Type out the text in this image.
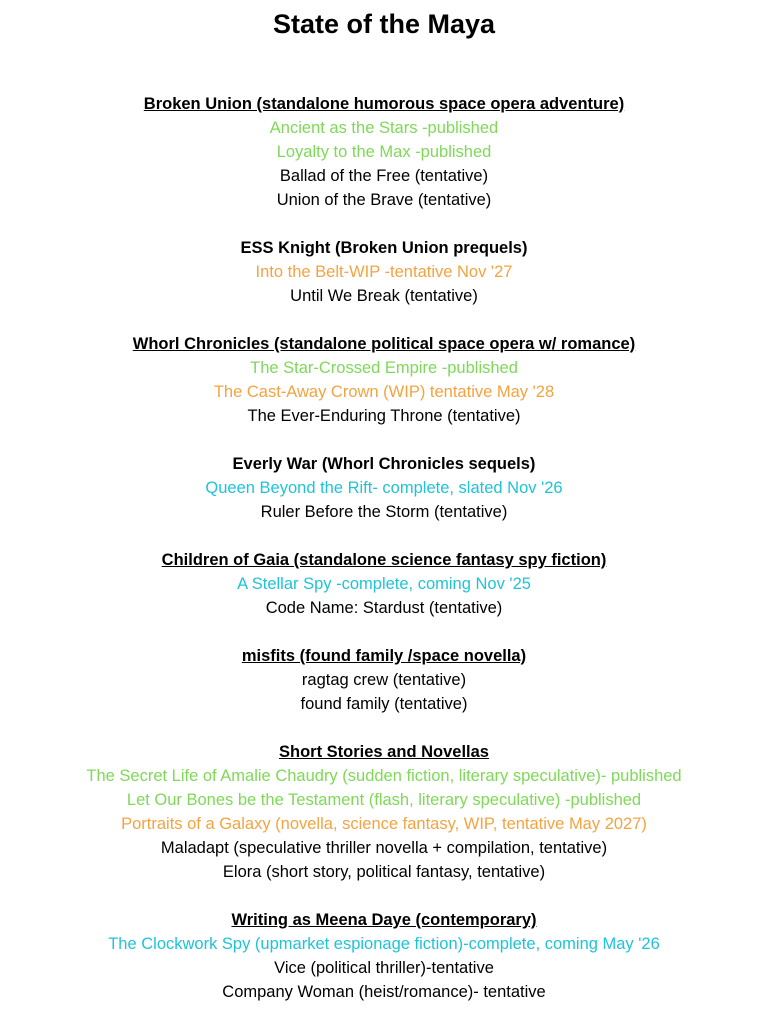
State of the Maya
Broken Union (standalone humorous space opera adventure)
Ancient as the Stars -published
Loyalty to the Max -published
Ballad of the Free (tentative)
Union of the Brave (tentative)
ESS Knight (Broken Union prequels)
Into the Belt-WIP -tentative Nov '27
Until We Break (tentative)
Whorl Chronicles (standalone political space opera w/ romance)
The Star-Crossed Empire -published
The Cast-Away Crown (WIP) tentative May '28
The Ever-Enduring Throne (tentative)
Everly War (Whorl Chronicles sequels)
Queen Beyond the Rift- complete, slated Nov '26
Ruler Before the Storm (tentative)
Children of Gaia (standalone science fantasy spy fiction)
A Stellar Spy -complete, coming Nov '25
Code Name: Stardust (tentative)
misfits (found family /space novella)
ragtag crew (tentative)
found family (tentative)
Short Stories and Novellas
The Secret Life of Amalie Chaudry (sudden fiction, literary speculative)- published
Let Our Bones be the Testament (flash, literary speculative) -published
Portraits of a Galaxy (novella, science fantasy, WIP, tentative May 2027)
Maladapt (speculative thriller novella + compilation, tentative)
Elora (short story, political fantasy, tentative)
Writing as Meena Daye (contemporary)
The Clockwork Spy (upmarket espionage fiction)-complete, coming May '26
Vice (political thriller)-tentative
Company Woman (heist/romance)- tentative
